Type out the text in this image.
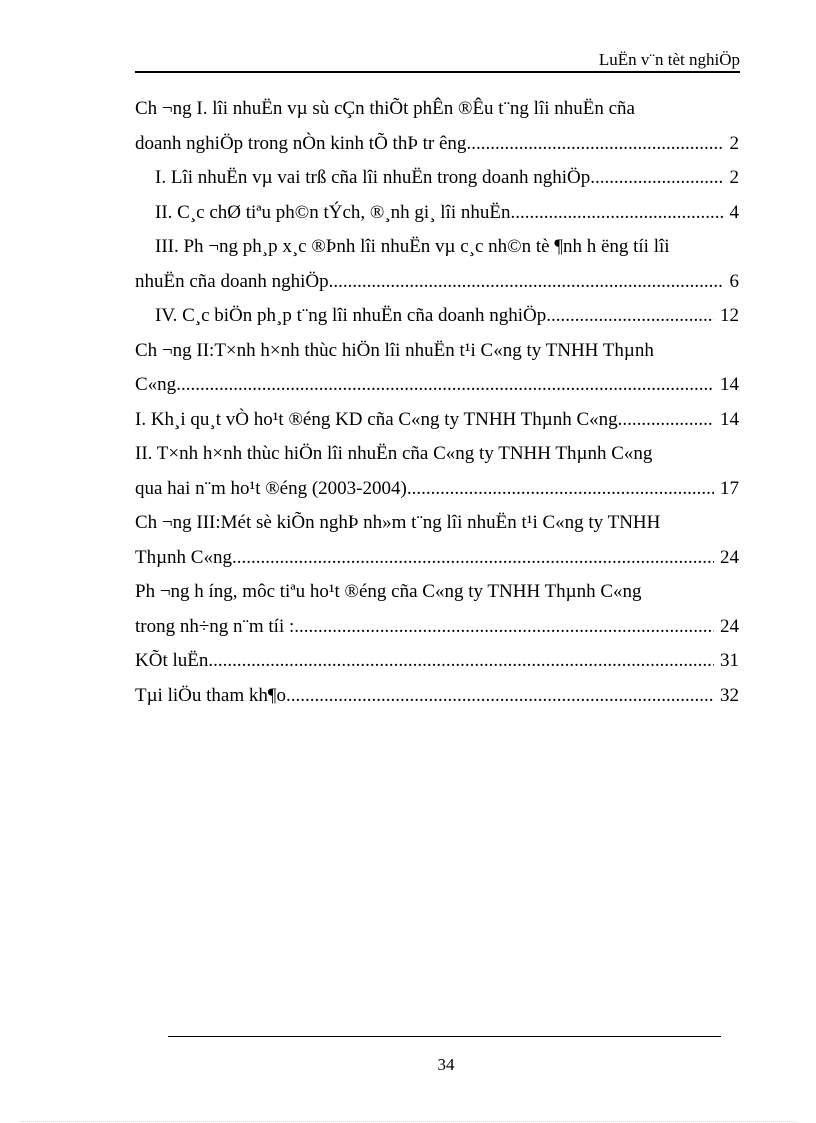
LuËn v¨n tèt nghiÖp
Ch ¬ng I. lîi nhuËn vµ sù cÇn thiÕt phÊn ®Êu t¨ng lîi nhuËn cña
doanh nghiÖp trong nÒn kinh tÕ thÞ tr êng .....	2
I. Lîi nhuËn vµ vai trß cña lîi nhuËn trong doanh nghiÖp .....	2
II. C¸c chØ tiªu ph©n tÝch, ®¸nh gi¸ lîi nhuËn .....	4
III. Ph ¬ng ph¸p x¸c ®Þnh lîi nhuËn vµ c¸c nh©n tè ¶nh h ëng tíi lîi
nhuËn cña doanh nghiÖp. .....	6
IV. C¸c biÖn ph¸p t¨ng lîi nhuËn cña doanh nghiÖp .....	12
Ch ¬ng II:T×nh h×nh thùc hiÖn lîi nhuËn t¹i C«ng ty TNHH Thµnh
C«ng .....	14
I. Kh¸i qu¸t vÒ ho¹t ®éng KD cña C«ng ty TNHH Thµnh C«ng. .....	14
II. T×nh h×nh thùc hiÖn lîi nhuËn cña C«ng ty TNHH Thµnh C«ng
qua hai n¨m ho¹t ®éng (2003-2004) .....	17
Ch ¬ng III:Mét sè kiÕn nghÞ nh»m t¨ng lîi nhuËn t¹i C«ng ty TNHH
Thµnh C«ng .....	24
Ph ¬ng h íng, môc tiªu ho¹t ®éng cña C«ng ty TNHH Thµnh C«ng
trong nh÷ng n¨m tíi : .....	24
KÕt luËn .....	31
Tµi liÖu tham kh¶o .....	32
34
